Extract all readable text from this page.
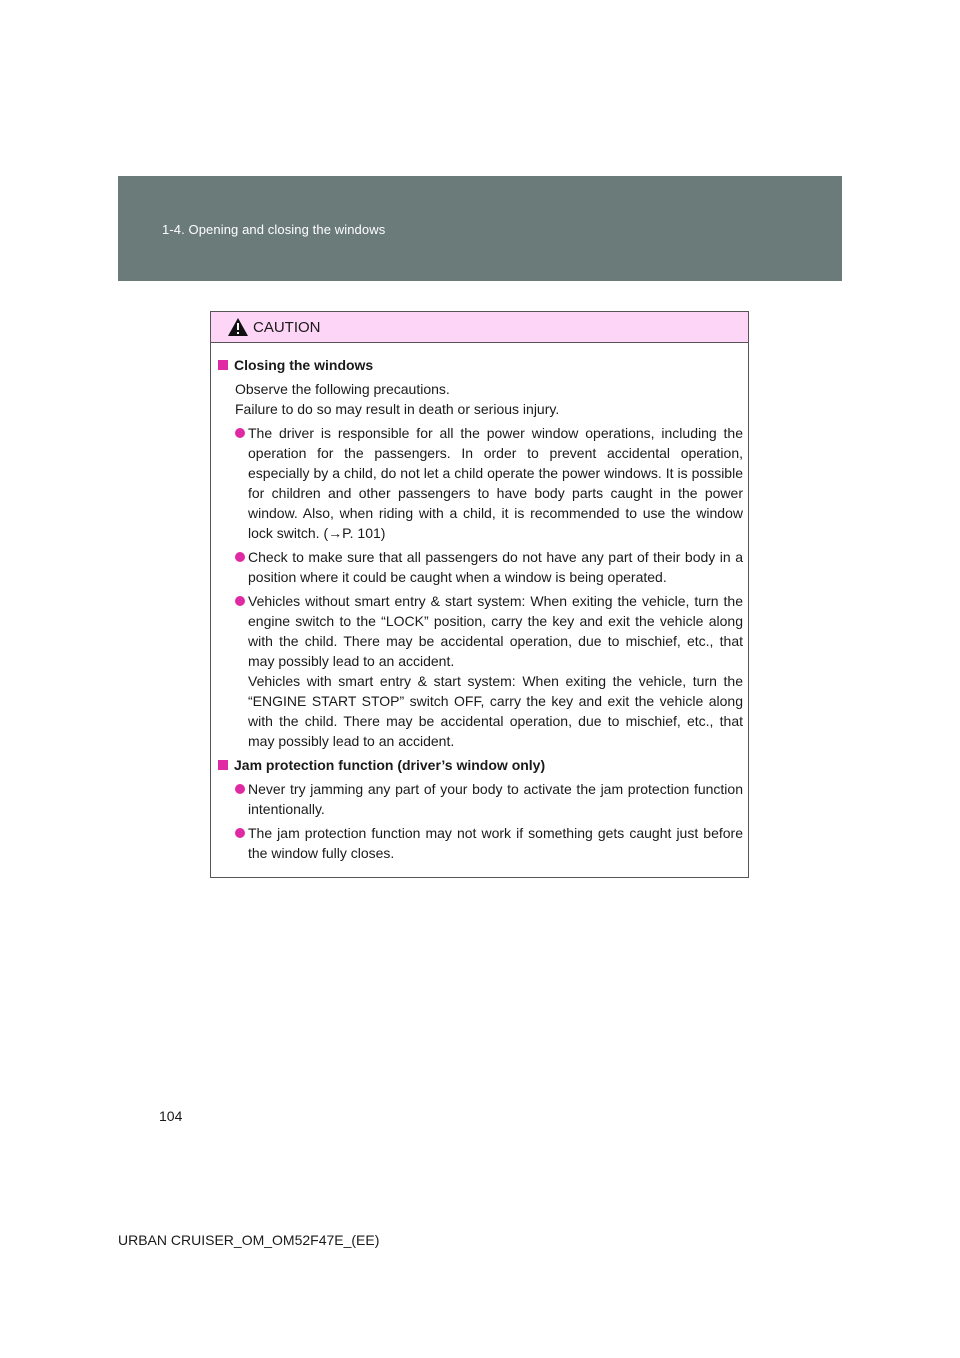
1-4. Opening and closing the windows
CAUTION
Closing the windows
Observe the following precautions.
Failure to do so may result in death or serious injury.
The driver is responsible for all the power window operations, including the operation for the passengers. In order to prevent accidental operation, especially by a child, do not let a child operate the power windows. It is possible for children and other passengers to have body parts caught in the power window. Also, when riding with a child, it is recommended to use the window lock switch. (→P. 101)
Check to make sure that all passengers do not have any part of their body in a position where it could be caught when a window is being operated.
Vehicles without smart entry & start system: When exiting the vehicle, turn the engine switch to the “LOCK” position, carry the key and exit the vehicle along with the child. There may be accidental operation, due to mischief, etc., that may possibly lead to an accident.
Vehicles with smart entry & start system: When exiting the vehicle, turn the “ENGINE START STOP” switch OFF, carry the key and exit the vehicle along with the child. There may be accidental operation, due to mischief, etc., that may possibly lead to an accident.
Jam protection function (driver’s window only)
Never try jamming any part of your body to activate the jam protection function intentionally.
The jam protection function may not work if something gets caught just before the window fully closes.
104
URBAN CRUISER_OM_OM52F47E_(EE)
